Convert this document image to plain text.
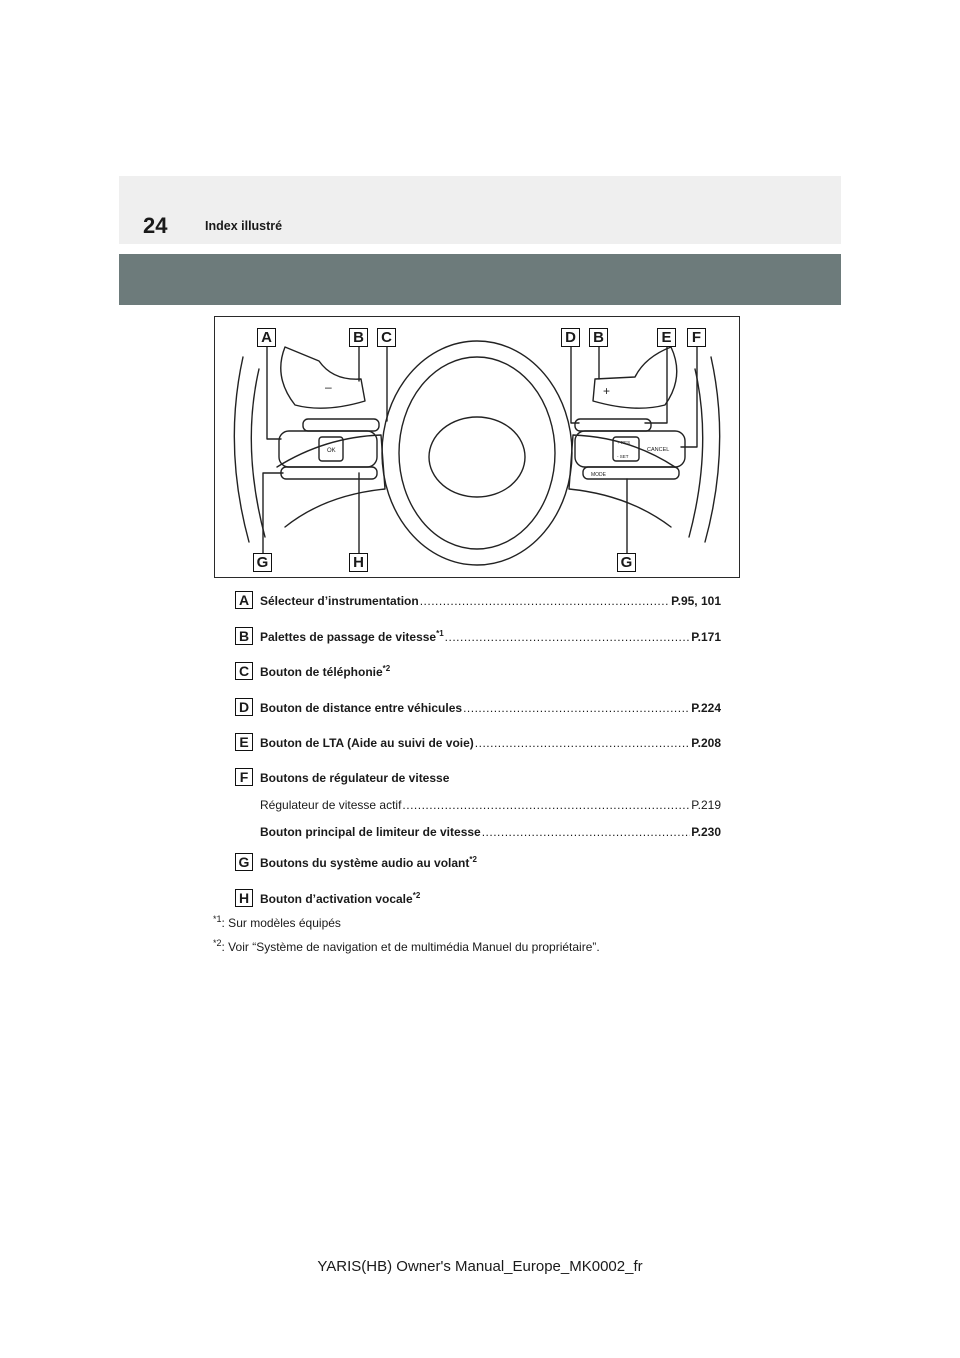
24	Index illustré
OK	CANCEL
+ RES
- SET
MODE
–	+
A	B C	D B	E	F
G	H	G
A Sélecteur d’instrumentation .....	P.95, 101
B Palettes de passage de vitesse$^{*1}$ .....	P.171
C Bouton de téléphonie$^{*2}$
D Bouton de distance entre véhicules .....	P.224
E Bouton de LTA (Aide au suivi de voie) .....	P.208
F Boutons de régulateur de vitesse
Régulateur de vitesse actif .....	P.219
Bouton principal de limiteur de vitesse .....	P.230
G Boutons du système audio au volant$^{*2}$
H Bouton d’activation vocale$^{*2}$
$^{*1}$: Sur modèles équipés
$^{*2}$: Voir “Système de navigation et de multimédia Manuel du propriétaire”.
YARIS(HB) Owner's Manual_Europe_MK0002_fr
